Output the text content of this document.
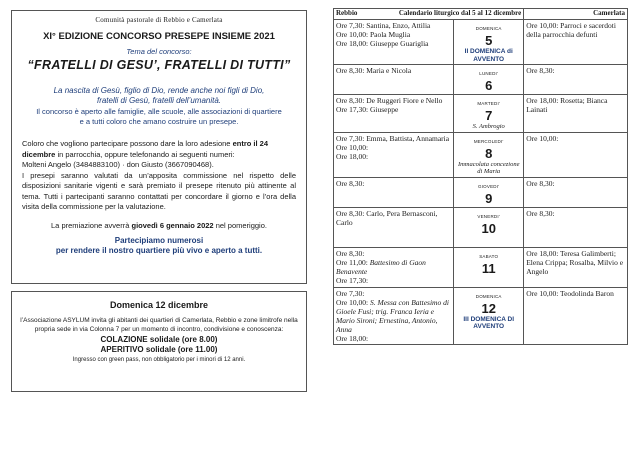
Comunità pastorale di Rebbio e Camerlata
XI° EDIZIONE CONCORSO PRESEPE INSIEME 2021
Tema del concorso:
“FRATELLI DI GESU’, FRATELLI DI TUTTI”
La nascita di Gesù, figlio di Dio, rende anche noi figli di Dio,
fratelli di Gesù, fratelli dell’umanità.
Il concorso è aperto alle famiglie, alle scuole, alle associazioni di quartiere
e a tutti coloro che amano costruire un presepe.

Coloro che vogliono partecipare possono dare la loro adesione entro il 24 dicembre in parrocchia, oppure telefonando ai seguenti numeri:

Molteni Angelo (3484883100) · don Giusto (3667090468).

I presepi saranno valutati da un’apposita commissione nel rispetto delle disposizioni sanitarie vigenti e sarà premiato il presepe ritenuto più attinente al tema. Tutti i partecipanti saranno contattati per concordare il giorno e l’ora della visita della commissione per la valutazione.

La premiazione avverrà giovedì 6 gennaio 2022 nel pomeriggio.
Partecipiamo numerosi
per rendere il nostro quartiere più vivo e aperto a tutti.
Domenica 12 dicembre
l’Associazione ASYLUM invita gli abitanti dei quartieri di Camerlata, Rebbio e zone limitrofe nella propria sede in via Colonna 7 per un momento di incontro, condivisione e conoscenza:
COLAZIONE solidale (ore 8.00)
APERITIVO solidale (ore 11.00)
Ingresso con green pass, non obbligatorio per i minori di 12 anni.
Rebbio Calendario liturgico dal 5 al 12 dicembre		Camerlata

Ore 7,30: Santina, Enzo, Attilia
Ore 10,00: Paola Muglia
Ore 18,00: Giuseppe Guariglia	DOMENICA
5
II DOMENICA di AVVENTO	Ore 10,00: Parroci e sacerdoti della parrocchia defunti

Ore 8,30: Maria e Nicola	LUNEDI’
6	Ore 8,30:

Ore 8,30: De Ruggeri Fiore e Nello
Ore 17,30: Giuseppe	MARTEDI’
7
S. Ambrogio	Ore 18,00: Rosetta; Bianca Lainati

Ore 7,30: Emma, Battista, Annamaria
Ore 10,00:
Ore 18,00:	MERCOLEDI’
8
Immacolata concezione di Maria	Ore 10,00:

Ore 8,30:	GIOVEDI’
9	Ore 8,30:

Ore 8,30: Carlo, Pera Bernasconi, Carlo	VENERDI’
10	Ore 8,30:

Ore 8,30:
Ore 11,00: Battesimo di Gaon Benavente
Ore 17,30:	SABATO
11	Ore 18,00: Teresa Galimberti; Elena Crippa; Rosalba, Milvio e Angelo

Ore 7,30:
Ore 10,00: S. Messa con Battesimo di Gioele Fusi; trig. Franca Ieria e Mario Sironi; Ernestina, Antonio, Anna
Ore 18,00:	DOMENICA
12
III DOMENICA DI AVVENTO	Ore 10,00: Teodolinda Baron
